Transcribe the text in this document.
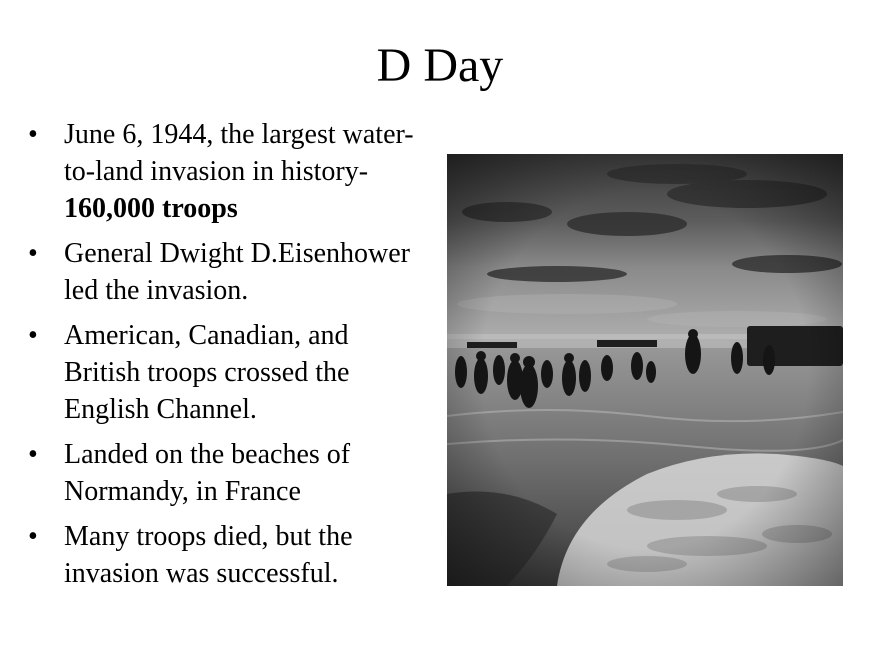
D Day
• June 6, 1944, the largest water-to-land invasion in history-160,000 troops
• General Dwight D.Eisenhower led the invasion.
• American, Canadian, and British troops crossed the English Channel.
• Landed on the beaches of Normandy, in France
• Many troops died, but the invasion was successful.
